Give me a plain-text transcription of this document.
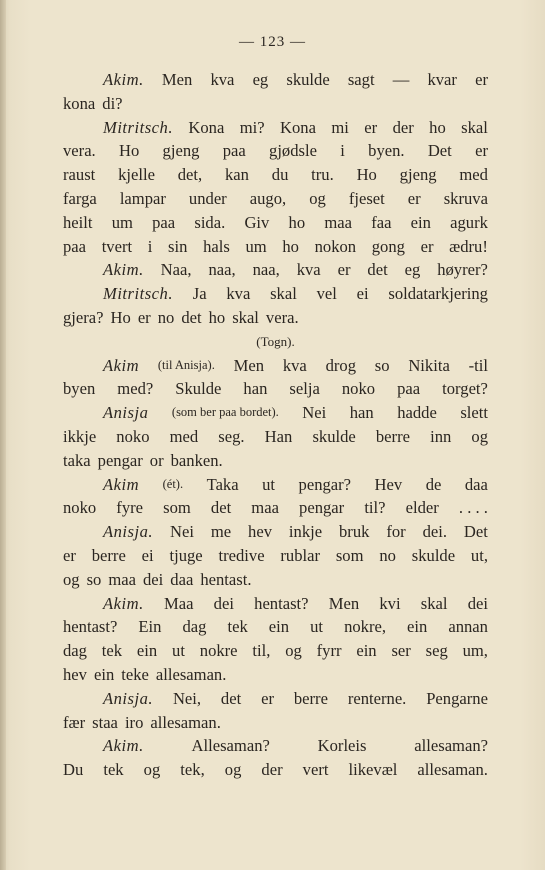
— 123 —
Akim. Men kva eg skulde sagt — kvar er
kona di?
Mitritsch. Kona mi? Kona mi er der ho skal
vera. Ho gjeng paa gjødsle i byen. Det er
raust kjelle det, kan du tru. Ho gjeng med
farga lampar under augo, og fjeset er skruva
heilt um paa sida. Giv ho maa faa ein agurk
paa tvert i sin hals um ho nokon gong er ædru!
Akim. Naa, naa, naa, kva er det eg høyrer?
Mitritsch. Ja kva skal vel ei soldatarkjering
gjera? Ho er no det ho skal vera.
(Togn).
Akim (til Anisja). Men kva drog so Nikita -til
byen med? Skulde han selja noko paa torget?
Anisja (som ber paa bordet). Nei han hadde slett
ikkje noko med seg. Han skulde berre inn og
taka pengar or banken.
Akim (ét). Taka ut pengar? Hev de daa
noko fyre som det maa pengar til? elder . . . .
Anisja. Nei me hev inkje bruk for dei. Det
er berre ei tjuge tredive rublar som no skulde ut,
og so maa dei daa hentast.
Akim. Maa dei hentast? Men kvi skal dei
hentast? Ein dag tek ein ut nokre, ein annan
dag tek ein ut nokre til, og fyrr ein ser seg um,
hev ein teke allesaman.
Anisja. Nei, det er berre renterne. Pengarne
fær staa iro allesaman.
Akim.	Allesaman?	Korleis	allesaman?
Du tek og tek, og der vert likevæl allesaman.
